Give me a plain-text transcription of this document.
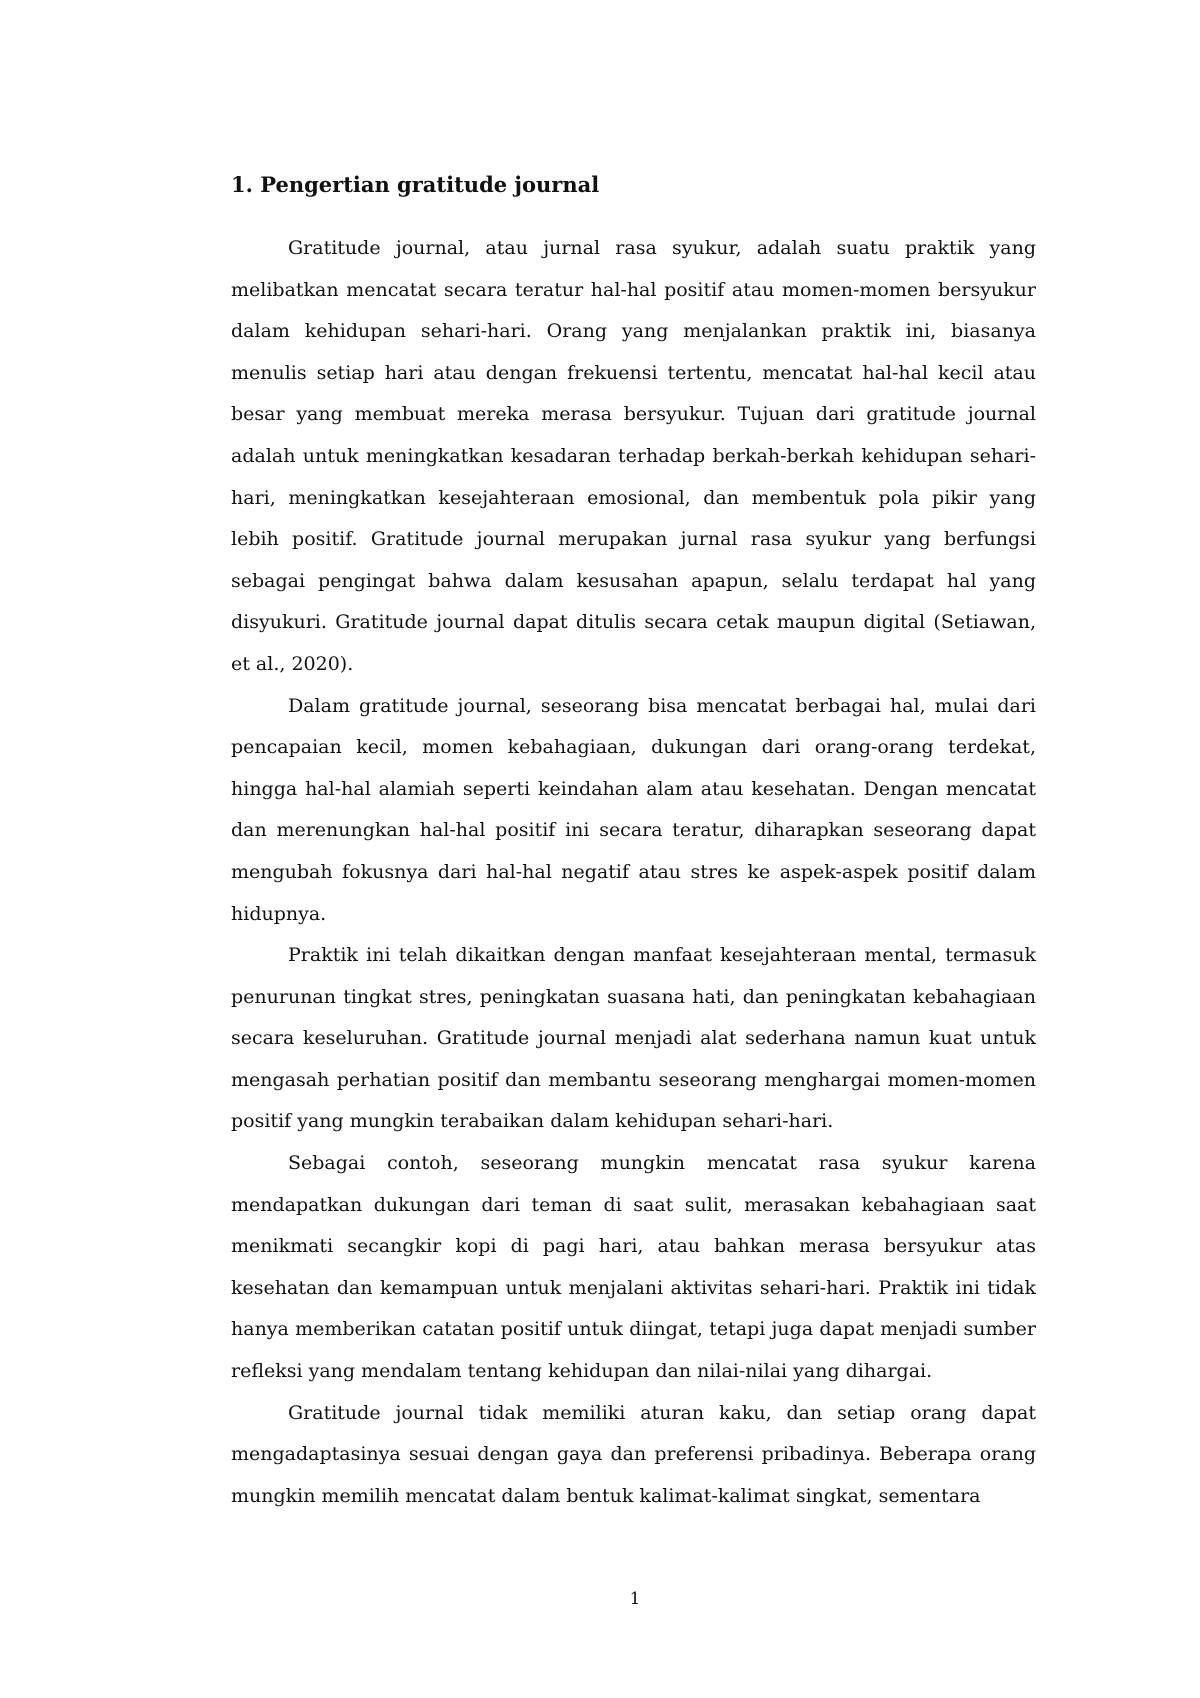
1. Pengertian gratitude journal

Gratitude journal, atau jurnal rasa syukur, adalah suatu praktik yang melibatkan mencatat secara teratur hal-hal positif atau momen-momen bersyukur dalam kehidupan sehari-hari. Orang yang menjalankan praktik ini, biasanya menulis setiap hari atau dengan frekuensi tertentu, mencatat hal-hal kecil atau besar yang membuat mereka merasa bersyukur. Tujuan dari gratitude journal adalah untuk meningkatkan kesadaran terhadap berkah-berkah kehidupan sehari-hari, meningkatkan kesejahteraan emosional, dan membentuk pola pikir yang lebih positif. Gratitude journal merupakan jurnal rasa syukur yang berfungsi sebagai pengingat bahwa dalam kesusahan apapun, selalu terdapat hal yang disyukuri. Gratitude journal dapat ditulis secara cetak maupun digital (Setiawan, et al., 2020).

Dalam gratitude journal, seseorang bisa mencatat berbagai hal, mulai dari pencapaian kecil, momen kebahagiaan, dukungan dari orang-orang terdekat, hingga hal-hal alamiah seperti keindahan alam atau kesehatan. Dengan mencatat dan merenungkan hal-hal positif ini secara teratur, diharapkan seseorang dapat mengubah fokusnya dari hal-hal negatif atau stres ke aspek-aspek positif dalam hidupnya.

Praktik ini telah dikaitkan dengan manfaat kesejahteraan mental, termasuk penurunan tingkat stres, peningkatan suasana hati, dan peningkatan kebahagiaan secara keseluruhan. Gratitude journal menjadi alat sederhana namun kuat untuk mengasah perhatian positif dan membantu seseorang menghargai momen-momen positif yang mungkin terabaikan dalam kehidupan sehari-hari.

Sebagai contoh, seseorang mungkin mencatat rasa syukur karena mendapatkan dukungan dari teman di saat sulit, merasakan kebahagiaan saat menikmati secangkir kopi di pagi hari, atau bahkan merasa bersyukur atas kesehatan dan kemampuan untuk menjalani aktivitas sehari-hari. Praktik ini tidak hanya memberikan catatan positif untuk diingat, tetapi juga dapat menjadi sumber refleksi yang mendalam tentang kehidupan dan nilai-nilai yang dihargai.

Gratitude journal tidak memiliki aturan kaku, dan setiap orang dapat mengadaptasinya sesuai dengan gaya dan preferensi pribadinya. Beberapa orang mungkin memilih mencatat dalam bentuk kalimat-kalimat singkat, sementara

1
